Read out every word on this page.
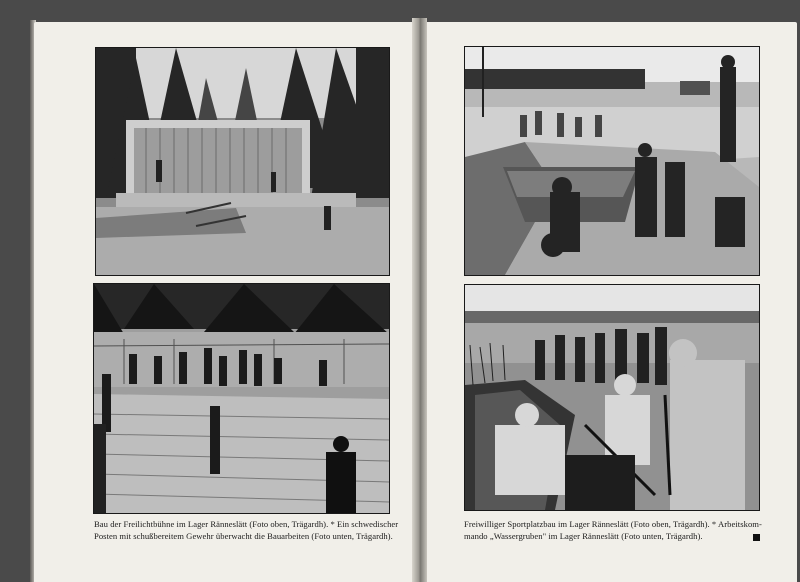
Bau der Freilichtbühne im Lager Ränneslätt (Foto oben, Trägardh). * Ein schwedischer
Posten mit schußbereitem Gewehr überwacht die Bauarbeiten (Foto unten, Trägardh).
Freiwilliger Sportplatzbau im Lager Ränneslätt (Foto oben, Trägardh). * Arbeitskom-
mando „Wassergruben" im Lager Ränneslätt (Foto unten, Trägardh).
